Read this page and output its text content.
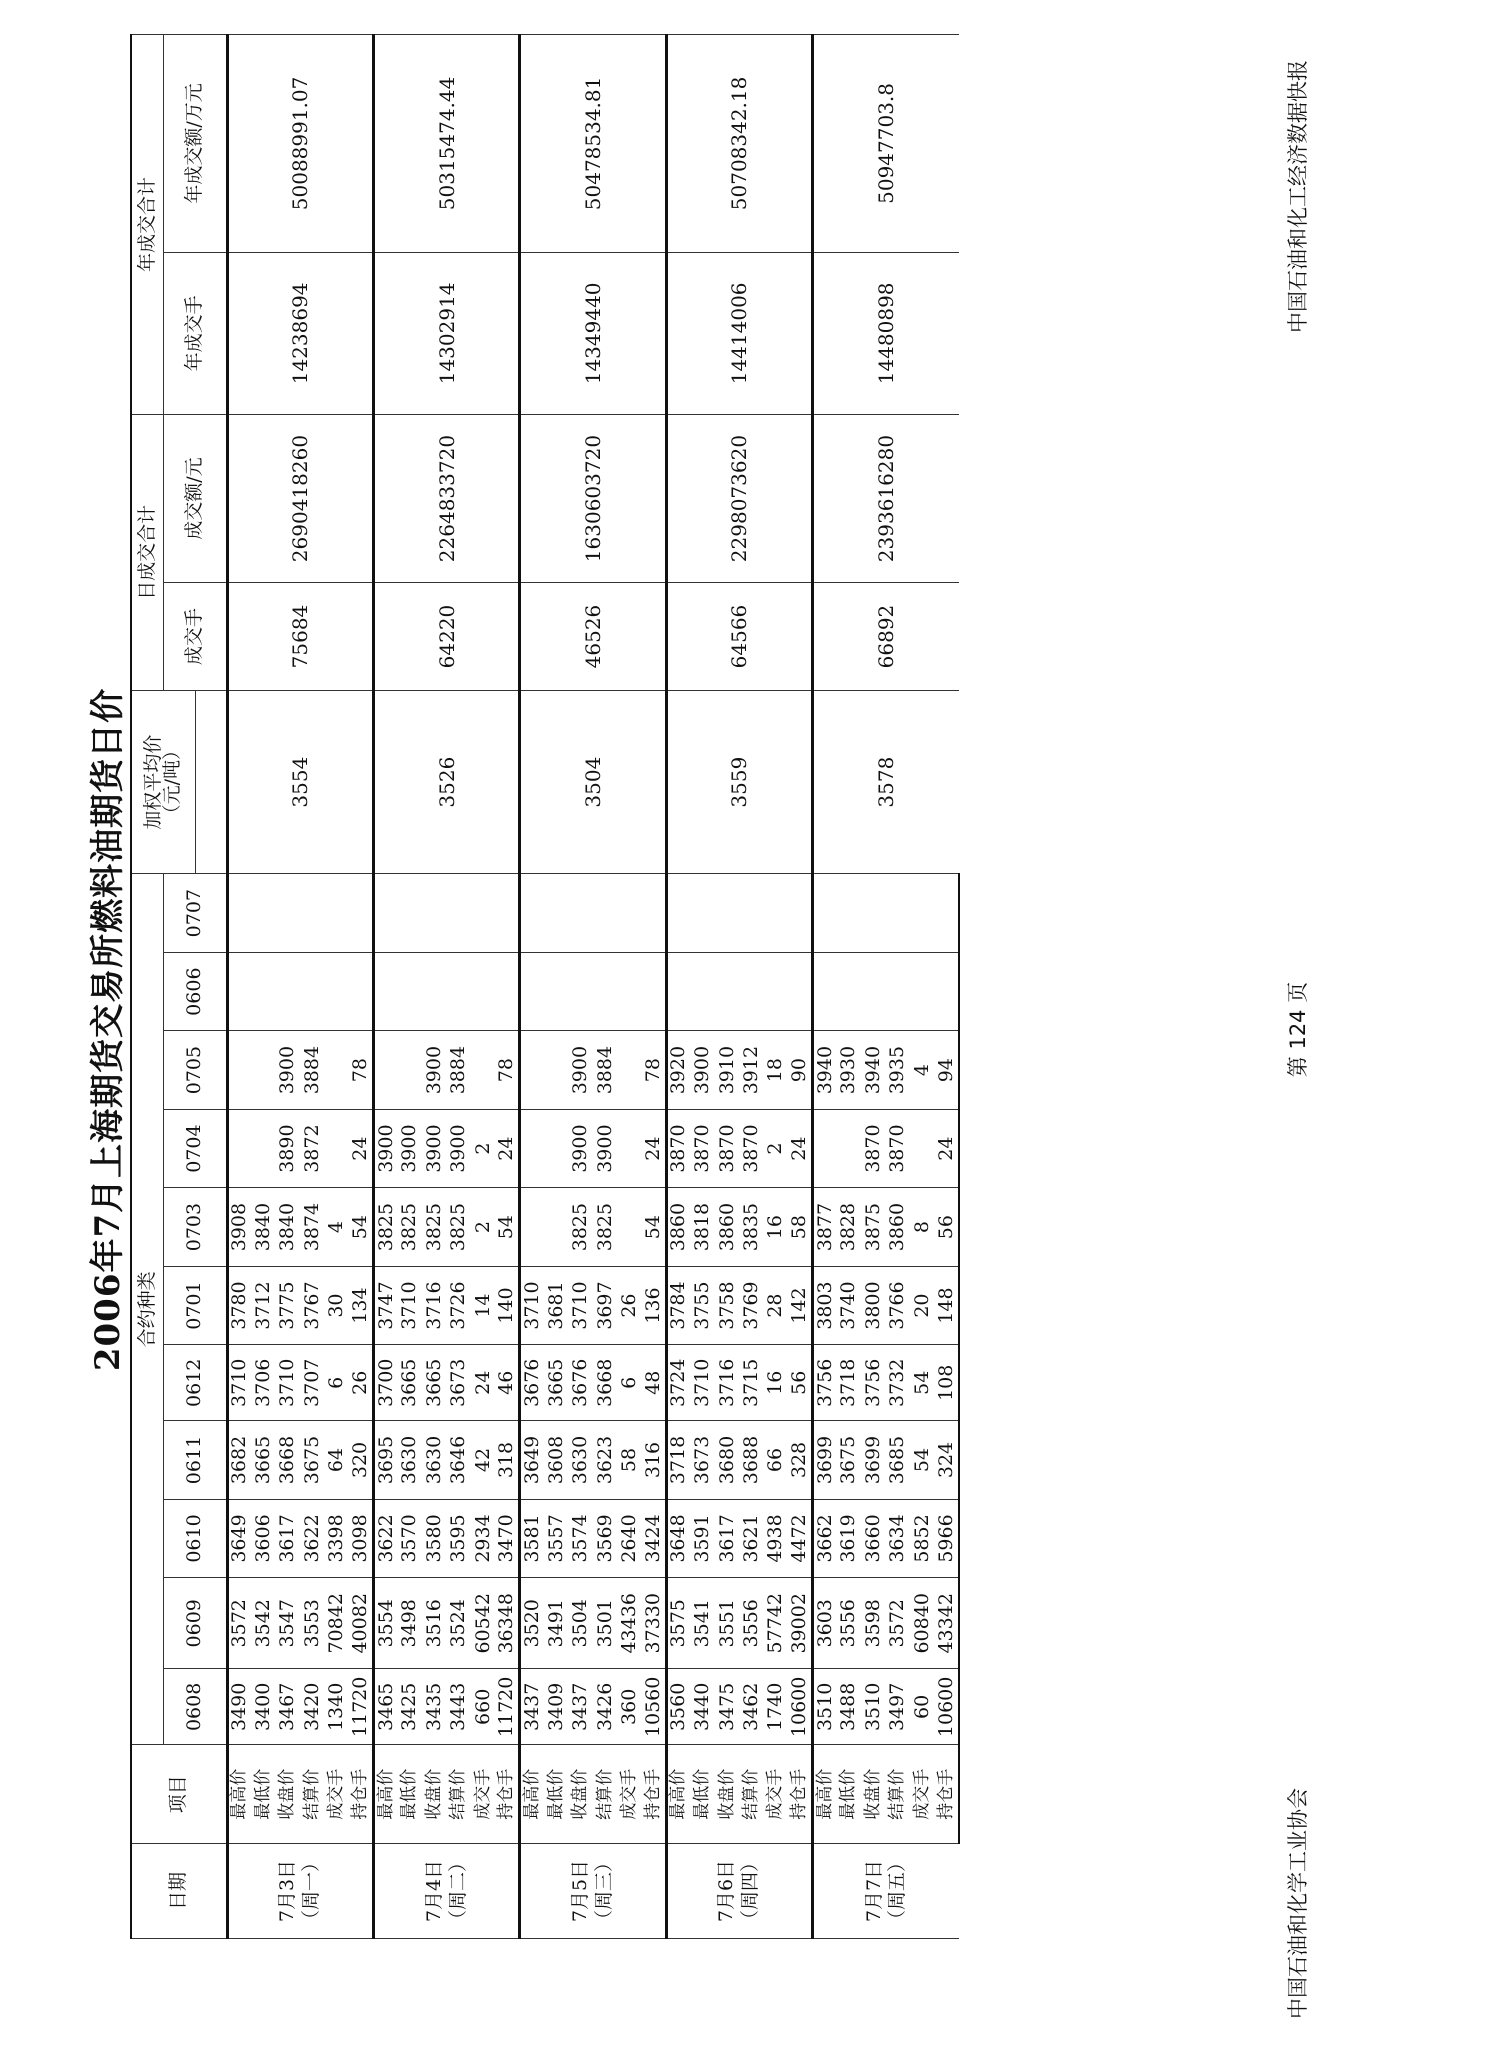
2006年7月上海期货交易所燃料油期货日价
日期	项目	合约种类											加权平均价
（元/吨）	日成交合计		年成交合计	
		0608	0609	0610	0611	0612	0701	0703	0704	0705	0606	0707		成交手	成交额/元	年成交手	年成交额/万元

7月3日 （周一）	最高价	3490	3572	3649	3682	3710	3780	3908					3554	75684	2690418260	14238694	50088991.07
	最低价	3400	3542	3606	3665	3706	3712	3840									
	收盘价	3467	3547	3617	3668	3710	3775	3840	3890	3900							
	结算价	3420	3553	3622	3675	3707	3767	3874	3872	3884							
	成交手	1340	70842	3398	64	6	30	4									
	持仓手	11720	40082	3098	320	26	134	54	24	78							

7月4日 （周二）	最高价	3465	3554	3622	3695	3700	3747	3825	3900				3526	64220	2264833720	14302914	50315474.44
	最低价	3425	3498	3570	3630	3665	3710	3825	3900								
	收盘价	3435	3516	3580	3630	3665	3716	3825	3900	3900							
	结算价	3443	3524	3595	3646	3673	3726	3825	3900	3884							
	成交手	660	60542	2934	42	24	14	2	2								
	持仓手	11720	36348	3470	318	46	140	54	24	78							

7月5日 （周三）	最高价	3437	3520	3581	3649	3676	3710						3504	46526	1630603720	14349440	50478534.81
	最低价	3409	3491	3557	3608	3665	3681										
	收盘价	3437	3504	3574	3630	3676	3710	3825	3900	3900							
	结算价	3426	3501	3569	3623	3668	3697	3825	3900	3884							
	成交手	360	43436	2640	58	6	26										
	持仓手	10560	37330	3424	316	48	136	54	24	78							

7月6日 （周四）	最高价	3560	3575	3648	3718	3724	3784	3860	3870	3920			3559	64566	2298073620	14414006	50708342.18
	最低价	3440	3541	3591	3673	3710	3755	3818	3870	3900							
	收盘价	3475	3551	3617	3680	3716	3758	3860	3870	3910							
	结算价	3462	3556	3621	3688	3715	3769	3835	3870	3912							
	成交手	1740	57742	4938	66	16	28	16	2	18							
	持仓手	10600	39002	4472	328	56	142	58	24	90							

7月7日 （周五）	最高价	3510	3603	3662	3699	3756	3803	3877		3940			3578	66892	2393616280	14480898	50947703.8
	最低价	3488	3556	3619	3675	3718	3740	3828		3930							
	收盘价	3510	3598	3660	3699	3756	3800	3875	3870	3940							
	结算价	3497	3572	3634	3685	3732	3766	3860	3870	3935							
	成交手	60	60840	5852	54	54	20	8		4							
	持仓手	10600	43342	5966	324	108	148	56	24	94							
中国石油和化学工业协会
第 124 页
中国石油和化工经济数据快报
